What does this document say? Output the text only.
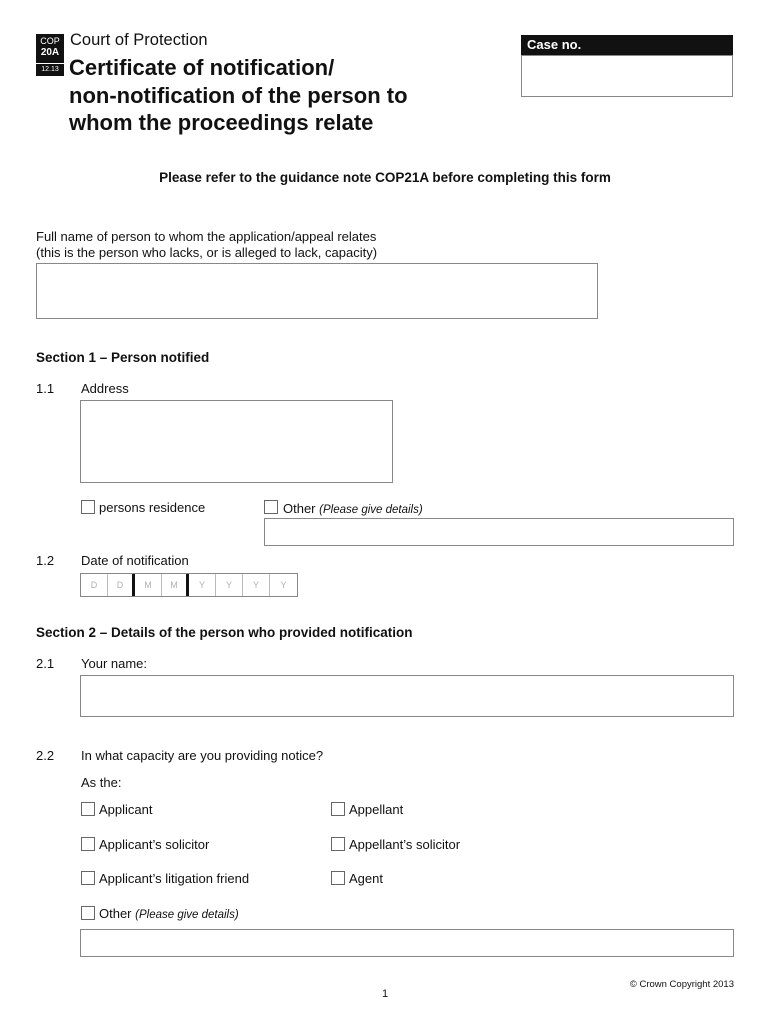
COP
20A
12.13
Court of Protection
Certificate of notification/
non-notification of the person to
whom the proceedings relate
Case no.
Please refer to the guidance note COP21A before completing this form
Full name of person to whom the application/appeal relates
(this is the person who lacks, or is alleged to lack, capacity)
Section 1 – Person notified
1.1 Address
persons residence	Other (Please give details)
1.2 Date of notification
D	D	M	M	Y	Y	Y	Y
Section 2 – Details of the person who provided notification
2.1 Your name:
2.2 In what capacity are you providing notice?
As the:
Applicant	Appellant
Applicant’s solicitor	Appellant’s solicitor
Applicant’s litigation friend	Agent
Other (Please give details)
© Crown Copyright 2013
1
